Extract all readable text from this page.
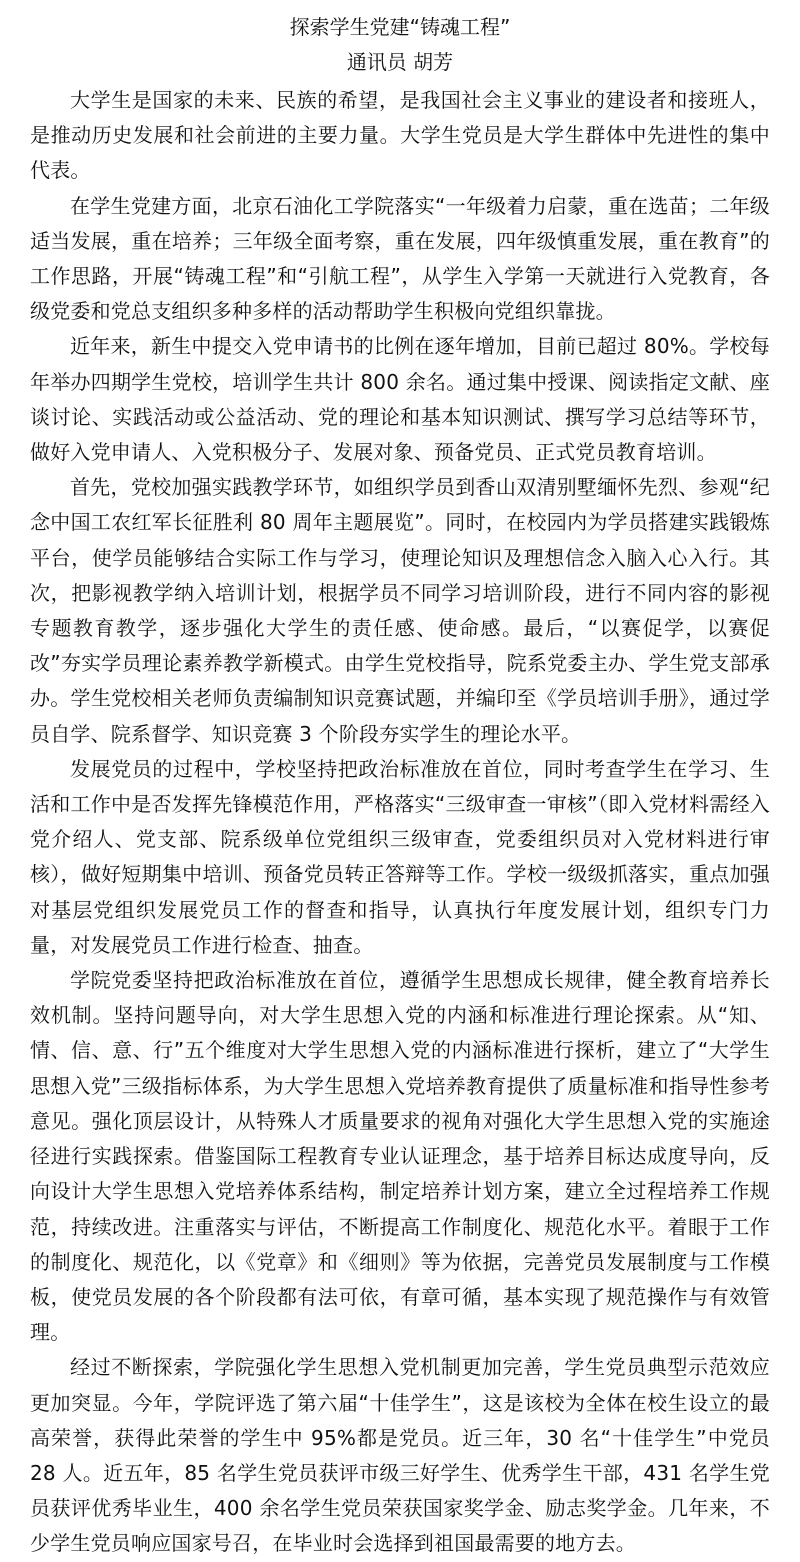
探索学生党建“铸魂工程”
通讯员 胡芳

大学生是国家的未来、民族的希望，是我国社会主义事业的建设者和接班人，是推动历史发展和社会前进的主要力量。大学生党员是大学生群体中先进性的集中代表。

在学生党建方面，北京石油化工学院落实“一年级着力启蒙，重在选苗；二年级适当发展，重在培养；三年级全面考察，重在发展，四年级慎重发展，重在教育”的工作思路，开展“铸魂工程”和“引航工程”，从学生入学第一天就进行入党教育，各级党委和党总支组织多种多样的活动帮助学生积极向党组织靠拢。

近年来，新生中提交入党申请书的比例在逐年增加，目前已超过 80%。学校每年举办四期学生党校，培训学生共计 800 余名。通过集中授课、阅读指定文献、座谈讨论、实践活动或公益活动、党的理论和基本知识测试、撰写学习总结等环节，做好入党申请人、入党积极分子、发展对象、预备党员、正式党员教育培训。

首先，党校加强实践教学环节，如组织学员到香山双清别墅缅怀先烈、参观“纪念中国工农红军长征胜利 80 周年主题展览”。同时，在校园内为学员搭建实践锻炼平台，使学员能够结合实际工作与学习，使理论知识及理想信念入脑入心入行。其次，把影视教学纳入培训计划，根据学员不同学习培训阶段，进行不同内容的影视专题教育教学，逐步强化大学生的责任感、使命感。最后，“以赛促学，以赛促改”夯实学员理论素养教学新模式。由学生党校指导，院系党委主办、学生党支部承办。学生党校相关老师负责编制知识竞赛试题，并编印至《学员培训手册》，通过学员自学、院系督学、知识竞赛 3 个阶段夯实学生的理论水平。

发展党员的过程中，学校坚持把政治标准放在首位，同时考查学生在学习、生活和工作中是否发挥先锋模范作用，严格落实“三级审查一审核”（即入党材料需经入党介绍人、党支部、院系级单位党组织三级审查，党委组织员对入党材料进行审核），做好短期集中培训、预备党员转正答辩等工作。学校一级级抓落实，重点加强对基层党组织发展党员工作的督查和指导，认真执行年度发展计划，组织专门力量，对发展党员工作进行检查、抽查。

学院党委坚持把政治标准放在首位，遵循学生思想成长规律，健全教育培养长效机制。坚持问题导向，对大学生思想入党的内涵和标准进行理论探索。从“知、情、信、意、行”五个维度对大学生思想入党的内涵标准进行探析，建立了“大学生思想入党”三级指标体系，为大学生思想入党培养教育提供了质量标准和指导性参考意见。强化顶层设计，从特殊人才质量要求的视角对强化大学生思想入党的实施途径进行实践探索。借鉴国际工程教育专业认证理念，基于培养目标达成度导向，反向设计大学生思想入党培养体系结构，制定培养计划方案，建立全过程培养工作规范，持续改进。注重落实与评估，不断提高工作制度化、规范化水平。着眼于工作的制度化、规范化，以《党章》和《细则》等为依据，完善党员发展制度与工作模板，使党员发展的各个阶段都有法可依，有章可循，基本实现了规范操作与有效管理。

经过不断探索，学院强化学生思想入党机制更加完善，学生党员典型示范效应更加突显。今年，学院评选了第六届“十佳学生”，这是该校为全体在校生设立的最高荣誉，获得此荣誉的学生中 95%都是党员。近三年，30 名“十佳学生”中党员 28 人。近五年，85 名学生党员获评市级三好学生、优秀学生干部，431 名学生党员获评优秀毕业生，400 余名学生党员荣获国家奖学金、励志奖学金。几年来，不少学生党员响应国家号召，在毕业时会选择到祖国最需要的地方去。
